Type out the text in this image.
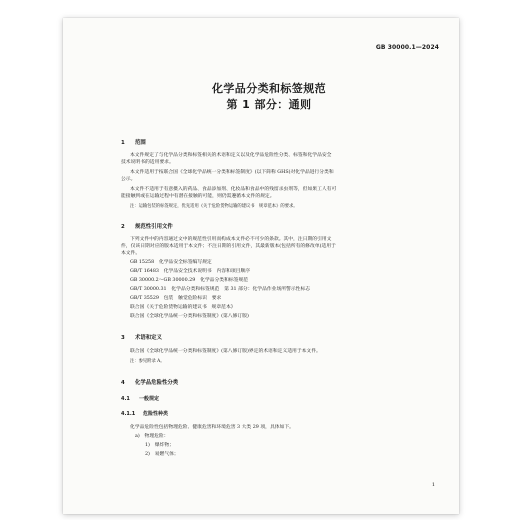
GB 30000.1—2024
化学品分类和标签规范
第 1 部分：通则
1 范围
本文件规定了与化学品分类和标签相关的术语和定义以及化学品危险性分类、标签和化学品安全
技术说明书的适用要求。
本文件适用于按联合国《全球化学品统一分类和标签制度》(以下简称 GHS)对化学品进行分类和
公示。
本文件不适用于有意摄入的药品、食品添加剂、化妆品和食品中的残留杀虫剂等，但如果工人有可
能接触到或在运输过程中有潜在接触的可能，则仍需遵循本文件的规定。
注：运输包装的标签规定，优先适用《关于危险货物运输的建议书　规章范本》的要求。
2 规范性引用文件
下列文件中的内容通过文中的规范性引用而构成本文件必不可少的条款。其中，注日期的引用文
件，仅该日期对应的版本适用于本文件；不注日期的引用文件，其最新版本(包括所有的修改单)适用于
本文件。
GB 15258　化学品安全标签编写规定
GB/T 16483　化学品安全技术说明书　内容和项目顺序
GB 30000.2～GB 30000.29　化学品分类和标签规范
GB/T 30000.31　化学品分类和标签规范　第 31 部分：化学品作业场所警示性标志
GB/T 35529　包装　触觉危险标识　要求
联合国《关于危险货物运输的建议书　规章范本》
联合国《全球化学品统一分类和标签制度》(第八修订版)
3 术语和定义
联合国《全球化学品统一分类和标签制度》(第八修订版)界定的术语和定义适用于本文件。
注：参见附录 A。
4 化学品危险性分类
4.1 一般规定
4.1.1 危险性种类
化学品危险性包括物理危险、健康危害和环境危害 3 大类 29 项，具体如下。
a)　物理危险：
1)　爆炸物；
2)　易燃气体；
1
